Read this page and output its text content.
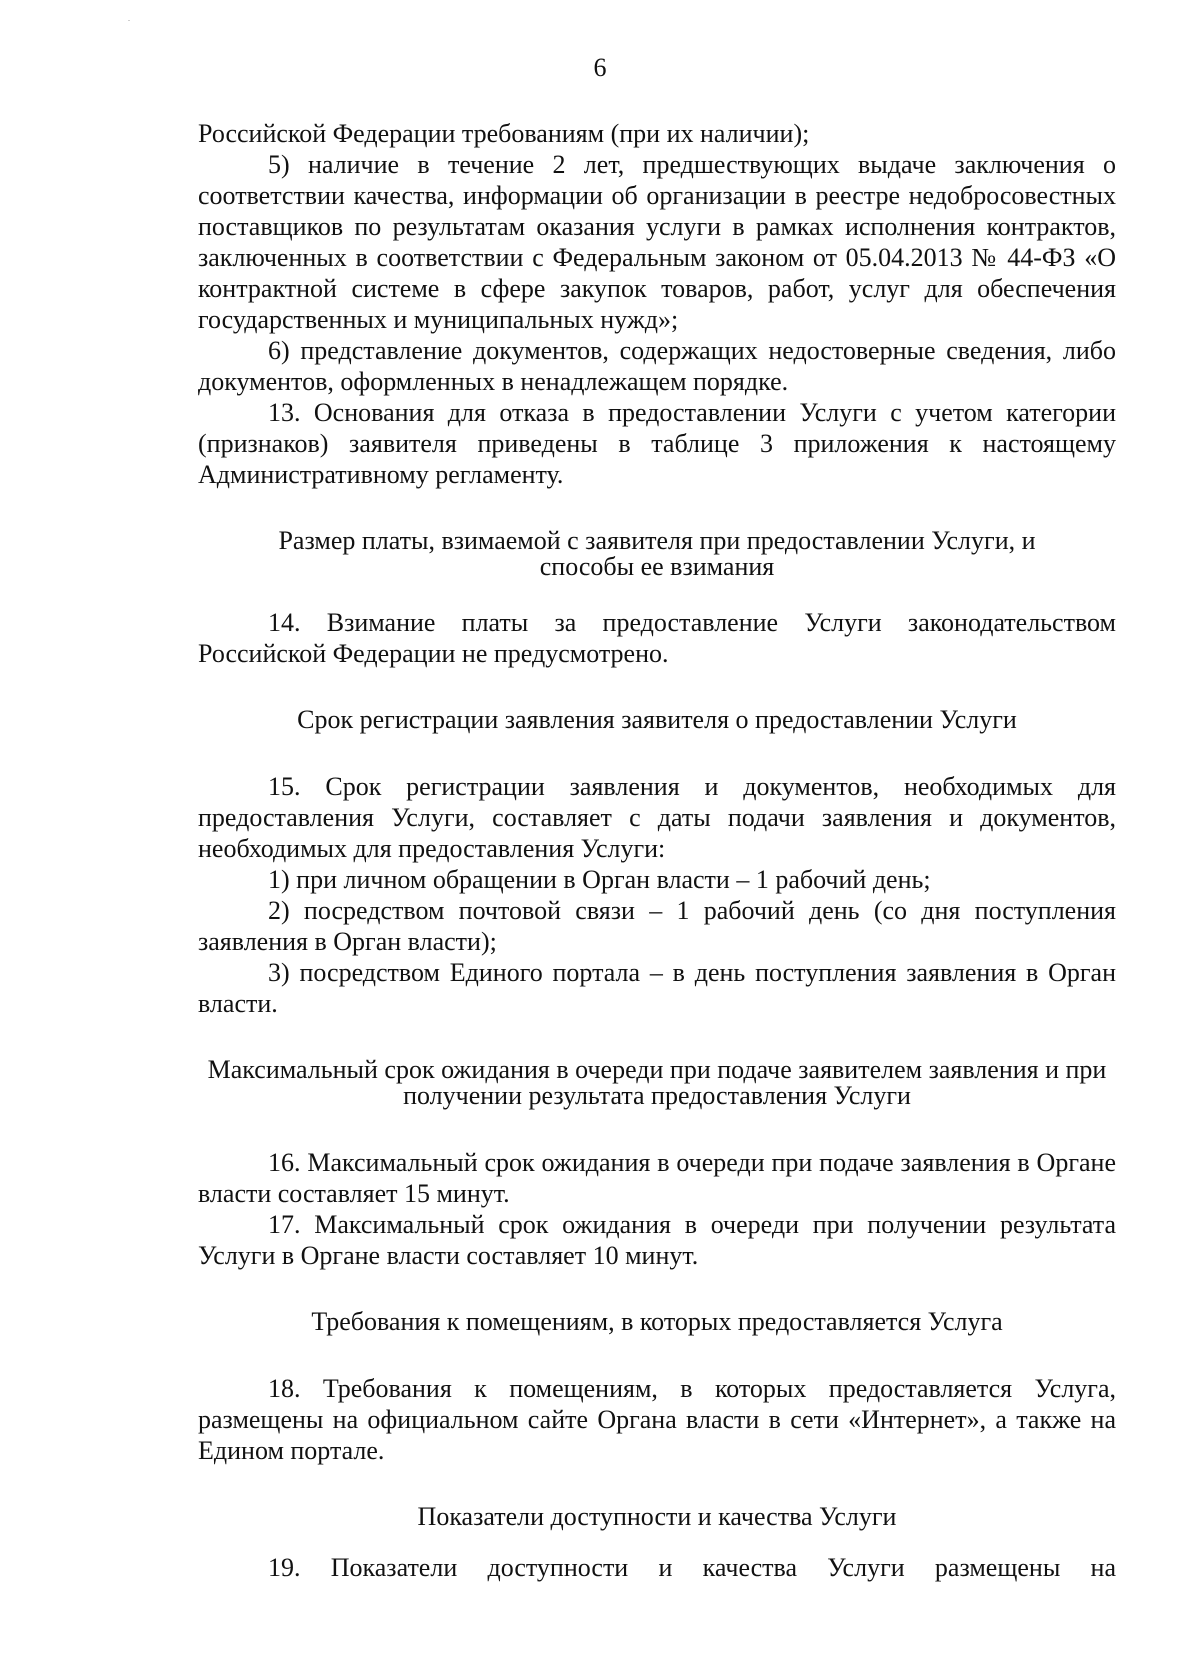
6

Российской Федерации требованиям (при их наличии);

5) наличие в течение 2 лет, предшествующих выдаче заключения о соответствии качества, информации об организации в реестре недобросовестных поставщиков по результатам оказания услуги в рамках исполнения контрактов, заключенных в соответствии с Федеральным законом от 05.04.2013 № 44-ФЗ «О контрактной системе в сфере закупок товаров, работ, услуг для обеспечения государственных и муниципальных нужд»;

6) представление документов, содержащих недостоверные сведения, либо документов, оформленных в ненадлежащем порядке.

13. Основания для отказа в предоставлении Услуги с учетом категории (признаков) заявителя приведены в таблице 3 приложения к настоящему Административному регламенту.

Размер платы, взимаемой с заявителя при предоставлении Услуги, и способы ее взимания

14. Взимание платы за предоставление Услуги законодательством Российской Федерации не предусмотрено.

Срок регистрации заявления заявителя о предоставлении Услуги

15. Срок регистрации заявления и документов, необходимых для предоставления Услуги, составляет с даты подачи заявления и документов, необходимых для предоставления Услуги:

1) при личном обращении в Орган власти – 1 рабочий день;

2) посредством почтовой связи – 1 рабочий день (со дня поступления заявления в Орган власти);

3) посредством Единого портала – в день поступления заявления в Орган власти.

Максимальный срок ожидания в очереди при подаче заявителем заявления и при получении результата предоставления Услуги

16. Максимальный срок ожидания в очереди при подаче заявления в Органе власти составляет 15 минут.

17. Максимальный срок ожидания в очереди при получении результата Услуги в Органе власти составляет 10 минут.

Требования к помещениям, в которых предоставляется Услуга

18. Требования к помещениям, в которых предоставляется Услуга, размещены на официальном сайте Органа власти в сети «Интернет», а также на Едином портале.

Показатели доступности и качества Услуги

19. Показатели доступности и качества Услуги размещены на
